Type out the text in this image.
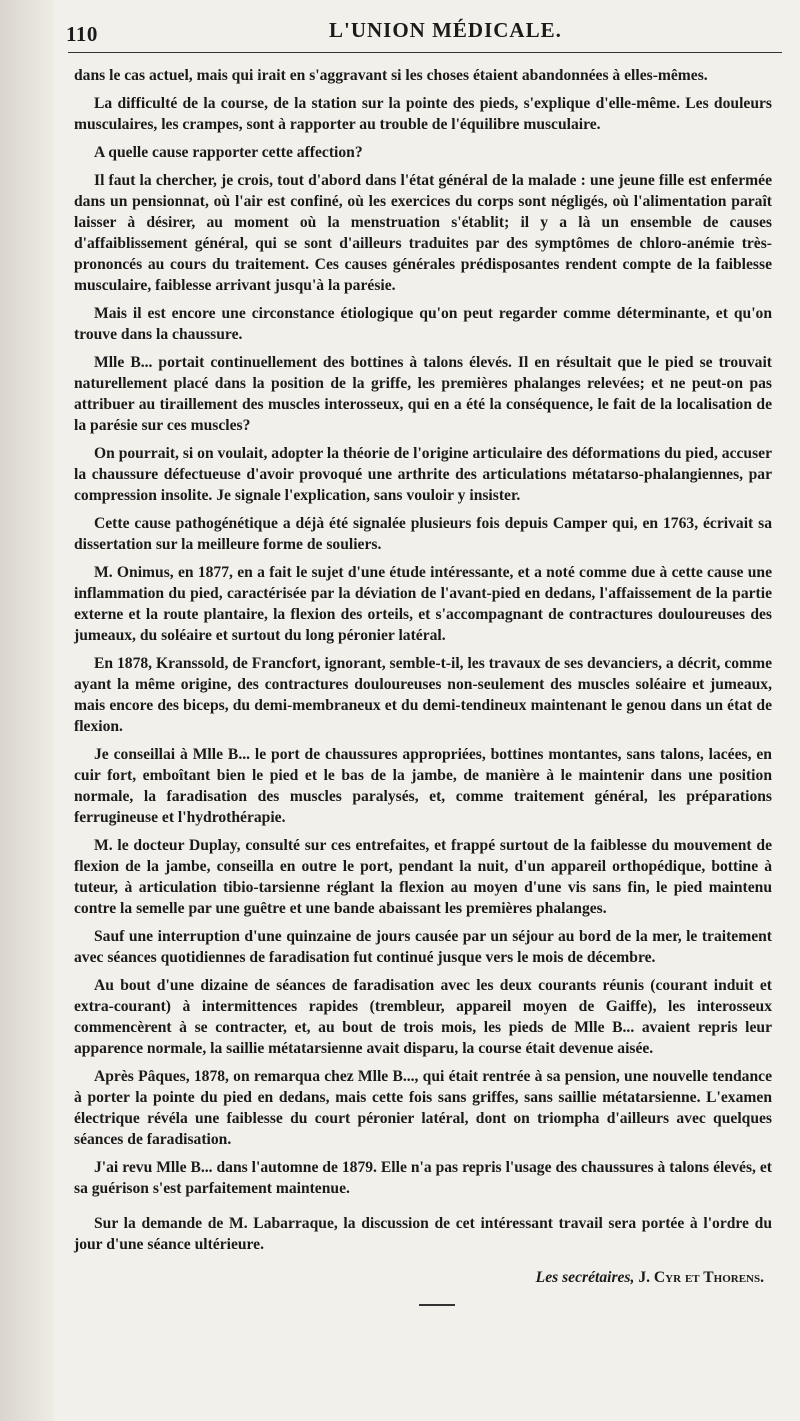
110	L'UNION MÉDICALE.

dans le cas actuel, mais qui irait en s'aggravant si les choses étaient abandonnées à elles-mêmes.

La difficulté de la course, de la station sur la pointe des pieds, s'explique d'elle-même. Les douleurs musculaires, les crampes, sont à rapporter au trouble de l'équilibre musculaire.

A quelle cause rapporter cette affection?

Il faut la chercher, je crois, tout d'abord dans l'état général de la malade : une jeune fille est enfermée dans un pensionnat, où l'air est confiné, où les exercices du corps sont négligés, où l'alimentation paraît laisser à désirer, au moment où la menstruation s'établit; il y a là un ensemble de causes d'affaiblissement général, qui se sont d'ailleurs traduites par des symptômes de chloro-anémie très-prononcés au cours du traitement. Ces causes générales prédisposantes rendent compte de la faiblesse musculaire, faiblesse arrivant jusqu'à la parésie.

Mais il est encore une circonstance étiologique qu'on peut regarder comme déterminante, et qu'on trouve dans la chaussure.

Mlle B... portait continuellement des bottines à talons élevés. Il en résultait que le pied se trouvait naturellement placé dans la position de la griffe, les premières phalanges relevées; et ne peut-on pas attribuer au tiraillement des muscles interosseux, qui en a été la conséquence, le fait de la localisation de la parésie sur ces muscles?

On pourrait, si on voulait, adopter la théorie de l'origine articulaire des déformations du pied, accuser la chaussure défectueuse d'avoir provoqué une arthrite des articulations métatarso-phalangiennes, par compression insolite. Je signale l'explication, sans vouloir y insister.

Cette cause pathogénétique a déjà été signalée plusieurs fois depuis Camper qui, en 1763, écrivait sa dissertation sur la meilleure forme de souliers.

M. Onimus, en 1877, en a fait le sujet d'une étude intéressante, et a noté comme due à cette cause une inflammation du pied, caractérisée par la déviation de l'avant-pied en dedans, l'affaissement de la partie externe et la route plantaire, la flexion des orteils, et s'accompagnant de contractures douloureuses des jumeaux, du soléaire et surtout du long péronier latéral.

En 1878, Kranssold, de Francfort, ignorant, semble-t-il, les travaux de ses devanciers, a décrit, comme ayant la même origine, des contractures douloureuses non-seulement des muscles soléaire et jumeaux, mais encore des biceps, du demi-membraneux et du demi-tendineux maintenant le genou dans un état de flexion.

Je conseillai à Mlle B... le port de chaussures appropriées, bottines montantes, sans talons, lacées, en cuir fort, emboîtant bien le pied et le bas de la jambe, de manière à le maintenir dans une position normale, la faradisation des muscles paralysés, et, comme traitement général, les préparations ferrugineuse et l'hydrothérapie.

M. le docteur Duplay, consulté sur ces entrefaites, et frappé surtout de la faiblesse du mouvement de flexion de la jambe, conseilla en outre le port, pendant la nuit, d'un appareil orthopédique, bottine à tuteur, à articulation tibio-tarsienne réglant la flexion au moyen d'une vis sans fin, le pied maintenu contre la semelle par une guêtre et une bande abaissant les premières phalanges.

Sauf une interruption d'une quinzaine de jours causée par un séjour au bord de la mer, le traitement avec séances quotidiennes de faradisation fut continué jusque vers le mois de décembre.

Au bout d'une dizaine de séances de faradisation avec les deux courants réunis (courant induit et extra-courant) à intermittences rapides (trembleur, appareil moyen de Gaiffe), les interosseux commencèrent à se contracter, et, au bout de trois mois, les pieds de Mlle B... avaient repris leur apparence normale, la saillie métatarsienne avait disparu, la course était devenue aisée.

Après Pâques, 1878, on remarqua chez Mlle B..., qui était rentrée à sa pension, une nouvelle tendance à porter la pointe du pied en dedans, mais cette fois sans griffes, sans saillie métatarsienne. L'examen électrique révéla une faiblesse du court péronier latéral, dont on triompha d'ailleurs avec quelques séances de faradisation.

J'ai revu Mlle B... dans l'automne de 1879. Elle n'a pas repris l'usage des chaussures à talons élevés, et sa guérison s'est parfaitement maintenue.

Sur la demande de M. Labarraque, la discussion de cet intéressant travail sera portée à l'ordre du jour d'une séance ultérieure.

Les secrétaires, J. Cyr et Thorens.
